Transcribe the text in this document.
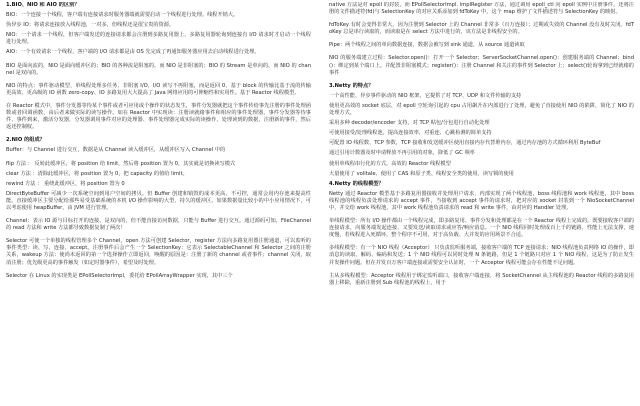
1.BIO、NIO 和 AIO 的区别？

BIO：一个连接一个线程，客户端有连接请求时服务器端就需要启动一个线程进行处理。线程开销大。

伪异步 IO：将请求连接放入线程池，一对多，但线程还是很宝贵的资源。

NIO：一个请求一个线程，但客户端发送的连接请求都会注册到多路复用器上，多路复用器轮询到连接有 I/O 请求时才启动一个线程进行处理。

AIO：一个有效请求一个线程，客户端的 I/O 请求都是由 OS 先完成了再通知服务器应用去启动线程进行处理。

BIO 是面向流的，NIO 是面向缓冲区的；BIO 的各种流是阻塞的。而 NIO 是非阻塞的；BIO 的 Stream 是单向的，而 NIO 的 channel 是双向的。

NIO 的特点：事件驱动模型、单线程处理多任务、非阻塞 I/O，I/O 读写不再阻塞，而是返回 0、基于 block 的传输比基于流的传输更高效、更高级的 IO 函数 zero-copy、IO 多路复用大大提高了 Java 网络应用的可伸缩性和实用性。基于 Reactor 线程模型。

在 Reactor 模式中，事件分发器等待某个事件或者可应用或个操作的状态发生，事件分发器就把这个事件传给事先注册的事件处理函数或者回调函数，由后者来做实际的读写操作。如在 Reactor 中实现读：注册读就绪事件和相应的事件处理器、事件分发器等待事件、事件到来，激活分发器，分发器调用事件对应的处理器、事件处理器完成实际的读操作，处理读到的数据，注册新的事件，然后返还控制权。

2.NIO 的组成？

Buffer：与 Channel 进行交互，数据是从 Channel 读入缓冲区，从缓冲区写入 Channel 中的

flip 方法 ： 反转此缓冲区，将 position 给 limit，然后将 position 置为 0，其实就是切换读写模式

clear 方法 ：清除此缓冲区，将 position 置为 0，把 capacity 的值给 limit。

rewind 方法 ： 重绕此缓冲区，将 position 置为 0

DirectByteBuffer 可减少一次系统空间到用户空间的拷贝。但 Buffer 创建和销毁的成本更高，不可控，通常会用内存池来提高性能。直接缓冲区主要分配给那些易受基础系统的本机 I/O 操作影响的大型、持久的缓冲区。如果数据量比较小的中小应用情况下，可以考虑使用 heapBuffer，由 JVM 进行管理。

Channel：表示 IO 源与目标打开的连接，是双向的，但不能直接访问数据，只能与 Buffer 进行交互。通过源码可知，FileChannel 的 read 方法和 write 方法都导致数据复制了两次！

Selector 可使一个单独的线程管理多个 Channel，open 方法可创建 Selector，register 方法向多路复用器注册通道，可以监听的事件类型：读、写、连接、accept。注册事件后会产生一个 SelectionKey：它表示 SelectableChannel 和 Selector 之间的注册关系，wakeup 方法：使尚未返回的第一个选择操作立即返回，唤醒的原因是：注册了新的 channel 或者事件；channel 关闭，取消注册；优先级更高的事件触发（如定时器事件），希望及时处理。

Selector 在 Linux 的实现类是 EPollSelectorImpl，委托给 EPollArrayWrapper 实现，其中三个

native 方法是对 epoll 的封装，而 EPollSelectorImpl. implRegister 方法，通过调用 epoll_ctl 向 epoll 实例中注册事件，还将注册的文件描述符(fd)与 SelectionKey 的对应关系添加到 fdToKey 中，这个 map 维护了文件描述符与 SelectionKey 的映射。

fdToKey 有时会变得非常大，因为注册到 Selector 上的 Channel 非常多（百万连接）；过期或失效的 Channel 没有及时关闭。fdToKey 总是串行读取的，而读取是在 select 方法中进行的，该方法是非线程安全的。

Pipe：两个线程之间的单向数据连接，数据会被写到 sink 通道，从 source 通道读取

NIO 的服务端建立过程：Selector.open()：打开一个 Selector；ServerSocketChannel.open()：创建服务端的 Channel；bind()：绑定到某个端口上。并配置非阻塞模式；register()：注册 Channel 和关注的事件到 Selector 上；select()轮询拿到已经就绪的事件

3.Netty 的特点？

一个高性能、异步事件驱动的 NIO 框架，它提供了对 TCP、UDP 和文件传输的支持

使用更高效的 socket 底层，对 epoll 空轮询引起的 cpu 占用飙升在内部进行了处理，避免了直接使用 NIO 的陷阱，简化了 NIO 的处理方式。

采用多种 decoder/encoder 支持，对 TCP 粘包/分包进行自动化处理

可使用接受/处理线程池，提高连接效率，对重连、心跳检测的简单支持

可配置 IO 线程数、TCP 参数，TCP 接收和发送缓冲区使用直接内存代替堆内存，通过内存池的方式循环利用 ByteBuf

通过引用计数器及时申请释放不再引用的对象，降低了 GC 频率

使用单线程串行化的方式，高效的 Reactor 线程模型

大量使用了 volitale、使用了 CAS 和原子类、线程安全类的使用、读写锁的使用

4.Netty 的线程模型？

Netty 通过 Reactor 模型基于多路复用器接收并处理用户请求，内部实现了两个线程池，boss 线程池和 work 线程池，其中 boss 线程池的线程负责处理请求的 accept 事件，当接收到 accept 事件的请求时，把对应的 socket 封装到一个 NioSocketChannel 中，并交给 work 线程池，其中 work 线程池负责请求的 read 和 write 事件，由对应的 Handler 处理。

单线程模型：所有 I/O 操作都由一个线程完成，即多路复用、事件分发和处理都是在一个 Reactor 线程上完成的。既要接收客户端的连接请求，向服务端发起连接，又要发送/读取请求或应答/响应消息。一个 NIO 线程同时处理成百上千的链路，性能上无法支撑，速度慢，若线程进入死循环，整个程序不可用，对于高负载、大并发的应用场景不合适。

多线程模型：有一个 NIO 线程（Acceptor） 只负责监听服务端，接收客户端的 TCP 连接请求；NIO 线程池负责网络 IO 的操作，即消息的读取、解码、编码和发送；1 个 NIO 线程可以同时处理 N 条链路，但是 1 个链路只对应 1 个 NIO 线程，这是为了防止发生并发操作问题。但在并发百万客户端连接或需要安全认证时，一个 Acceptor 线程可能会存在性能不足问题。

主从多线程模型：Acceptor 线程用于绑定监听端口，接收客户端连接，将 SocketChannel 从主线程池的 Reactor 线程的多路复用器上移除，重新注册到 Sub 线程池的线程上，用于
